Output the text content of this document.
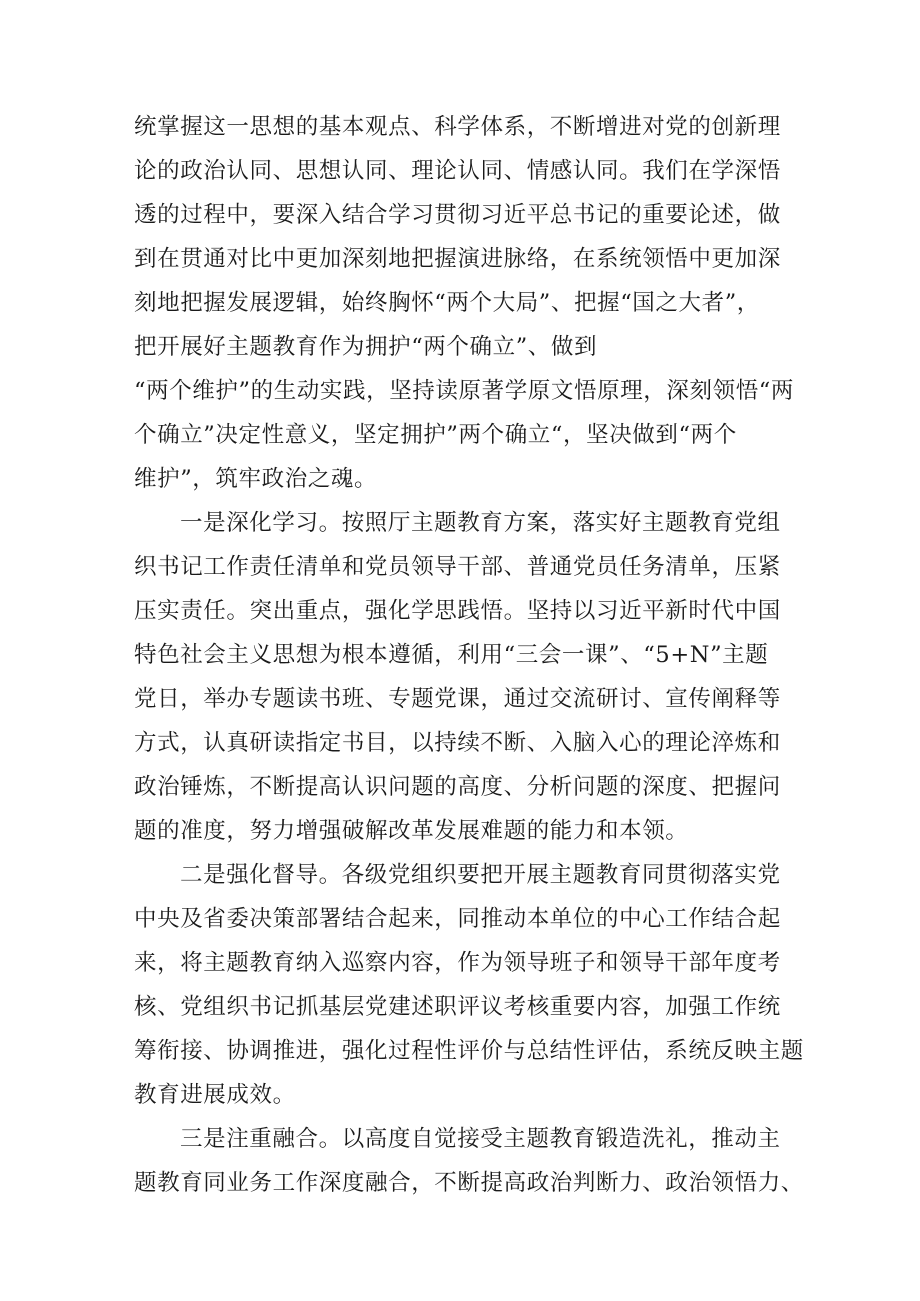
统掌握这一思想的基本观点、科学体系，不断增进对党的创新理
论的政治认同、思想认同、理论认同、情感认同。我们在学深悟
透的过程中，要深入结合学习贯彻习近平总书记的重要论述，做
到在贯通对比中更加深刻地把握演进脉络，在系统领悟中更加深
刻地把握发展逻辑，始终胸怀“两个大局”、把握“国之大者”，
把开展好主题教育作为拥护“两个确立”、做到
“两个维护”的生动实践，坚持读原著学原文悟原理，深刻领悟“两
个确立”决定性意义，坚定拥护”两个确立“，坚决做到“两个
维护”，筑牢政治之魂。
一是深化学习。按照厅主题教育方案，落实好主题教育党组
织书记工作责任清单和党员领导干部、普通党员任务清单，压紧
压实责任。突出重点，强化学思践悟。坚持以习近平新时代中国
特色社会主义思想为根本遵循，利用“三会一课”、“5+N”主题
党日，举办专题读书班、专题党课，通过交流研讨、宣传阐释等
方式，认真研读指定书目，以持续不断、入脑入心的理论淬炼和
政治锤炼，不断提高认识问题的高度、分析问题的深度、把握问
题的准度，努力增强破解改革发展难题的能力和本领。
二是强化督导。各级党组织要把开展主题教育同贯彻落实党
中央及省委决策部署结合起来，同推动本单位的中心工作结合起
来，将主题教育纳入巡察内容，作为领导班子和领导干部年度考
核、党组织书记抓基层党建述职评议考核重要内容，加强工作统
筹衔接、协调推进，强化过程性评价与总结性评估，系统反映主题
教育进展成效。
三是注重融合。以高度自觉接受主题教育锻造洗礼，推动主
题教育同业务工作深度融合，不断提高政治判断力、政治领悟力、
